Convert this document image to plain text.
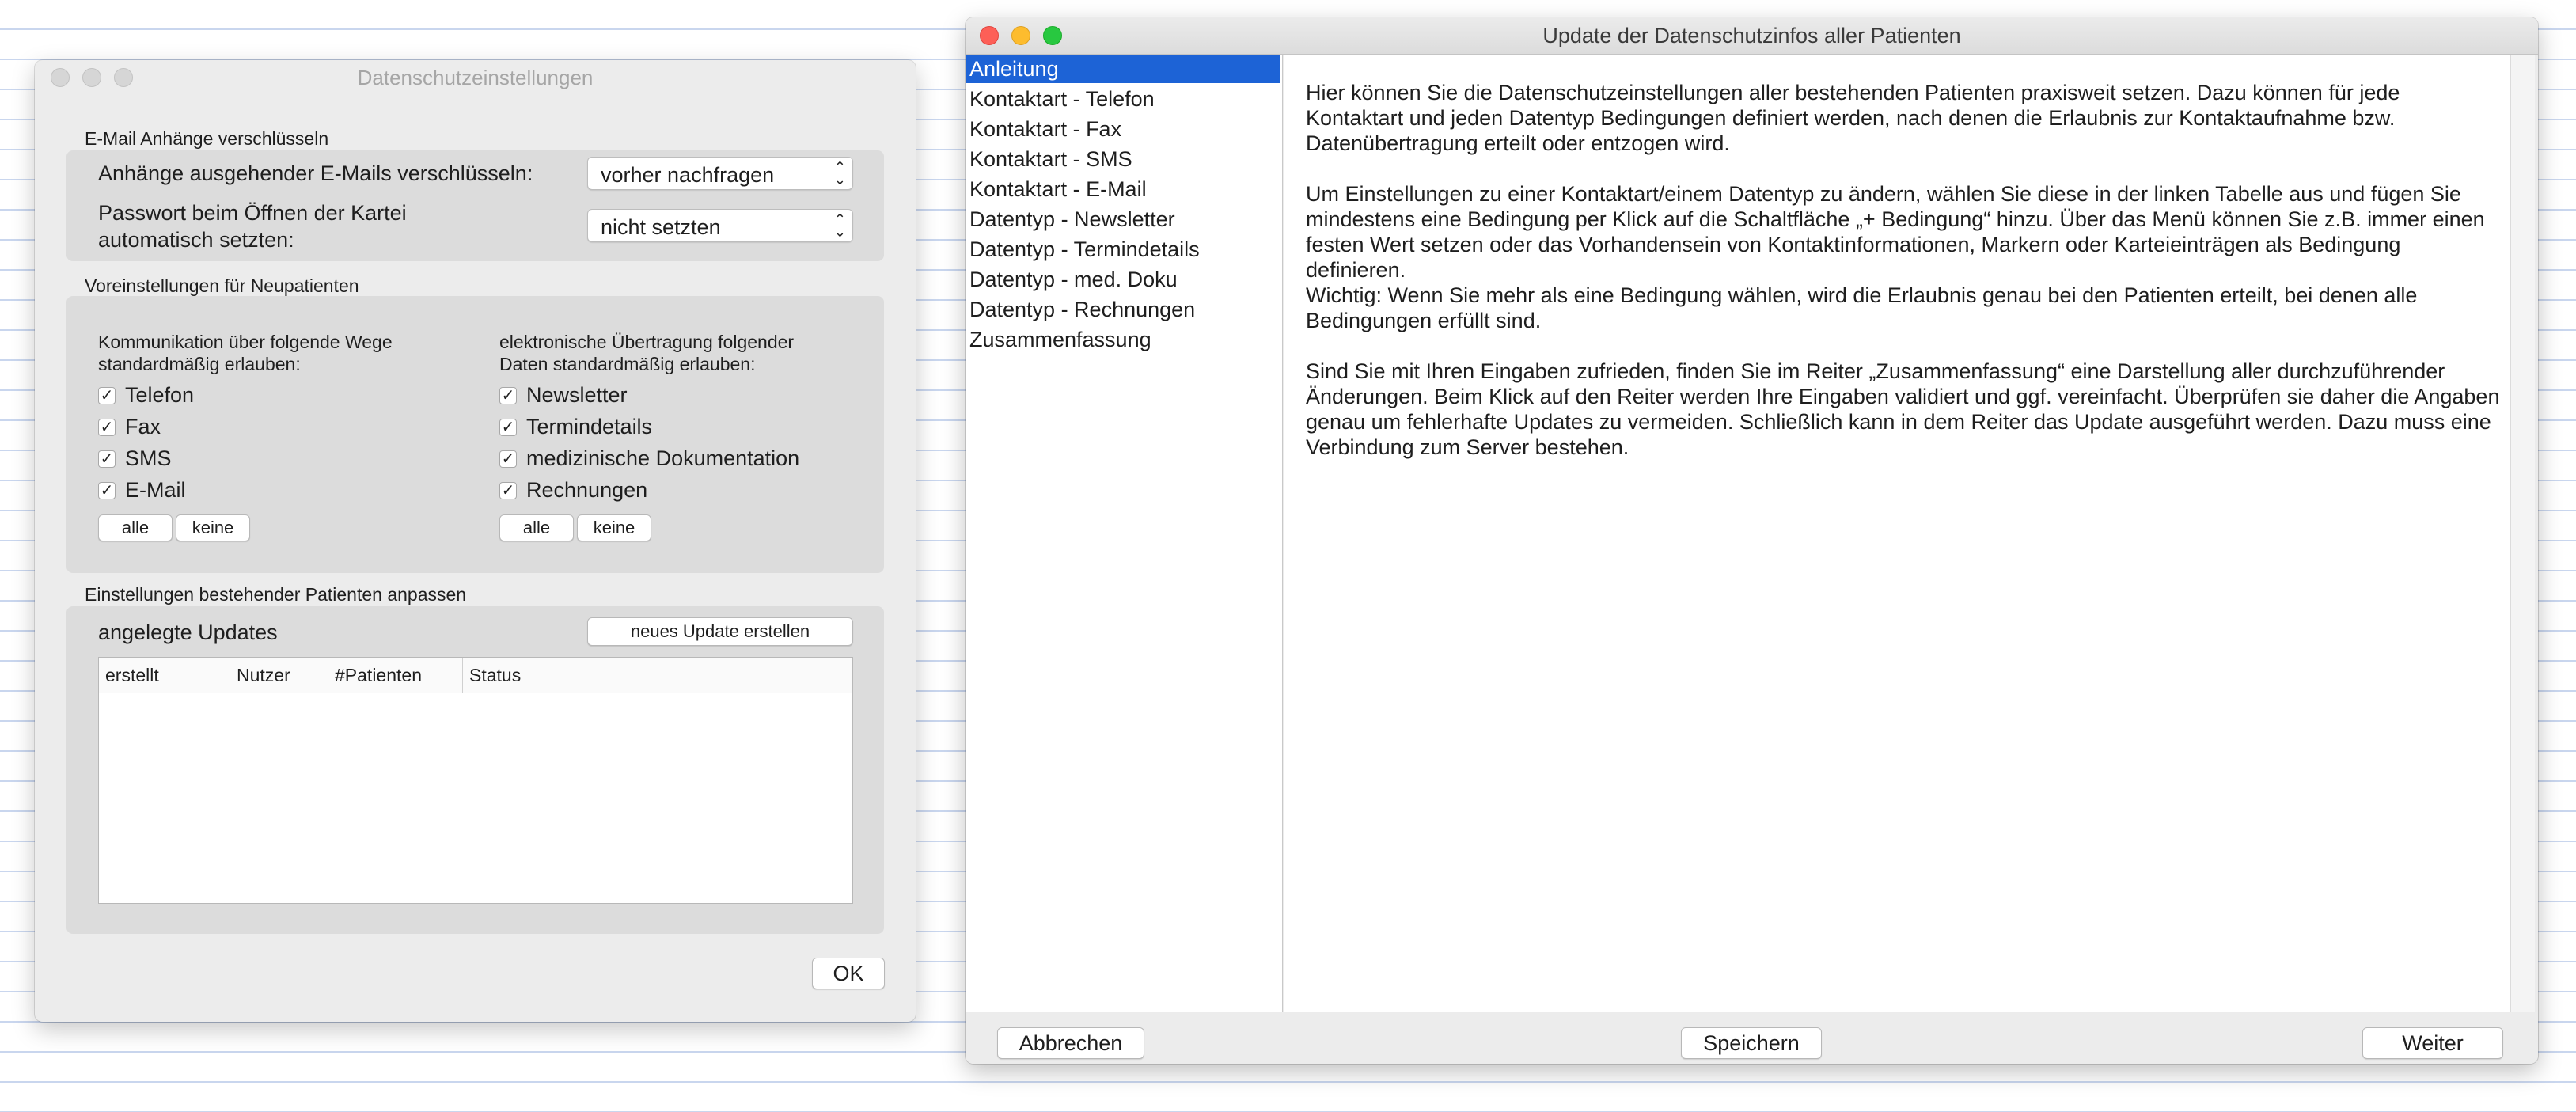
Datenschutzeinstellungen
E-Mail Anhänge verschlüsseln
Anhänge ausgehender E-Mails verschlüsseln:	vorher nachfragen	⌃
⌄
Passwort beim Öffnen der Kartei
automatisch setzten:
nicht setzten	⌃
⌄
Voreinstellungen für Neupatienten
Kommunikation über folgende Wege
standardmäßig erlauben:
✓ Telefon
✓ Fax
✓ SMS
✓ E-Mail
alle	keine
elektronische Übertragung folgender
Daten standardmäßig erlauben:
✓ Newsletter
✓ Termindetails
✓ medizinische Dokumentation
✓ Rechnungen
alle	keine
Einstellungen bestehender Patienten anpassen
angelegte Updates	neues Update erstellen
erstellt	Nutzer	#Patienten	Status
OK
Update der Datenschutzinfos aller Patienten
Anleitung
Kontaktart - Telefon
Kontaktart - Fax
Kontaktart - SMS
Kontaktart - E-Mail
Datentyp - Newsletter
Datentyp - Termindetails
Datentyp - med. Doku
Datentyp - Rechnungen
Zusammenfassung
Hier können Sie die Datenschutzeinstellungen aller bestehenden Patienten praxisweit setzen. Dazu können für jede Kontaktart und jeden Datentyp Bedingungen definiert werden, nach denen die Erlaubnis zur Kontaktaufnahme bzw. Datenübertragung erteilt oder entzogen wird.
Um Einstellungen zu einer Kontaktart/einem Datentyp zu ändern, wählen Sie diese in der linken Tabelle aus und fügen Sie mindestens eine Bedingung per Klick auf die Schaltfläche „+ Bedingung“ hinzu. Über das Menü können Sie z.B. immer einen festen Wert setzen oder das Vorhandensein von Kontaktinformationen, Markern oder Karteieinträgen als Bedingung definieren.
Wichtig: Wenn Sie mehr als eine Bedingung wählen, wird die Erlaubnis genau bei den Patienten erteilt, bei denen alle Bedingungen erfüllt sind.
Sind Sie mit Ihren Eingaben zufrieden, finden Sie im Reiter „Zusammenfassung“ eine Darstellung aller durchzuführender Änderungen. Beim Klick auf den Reiter werden Ihre Eingaben validiert und ggf. vereinfacht. Überprüfen sie daher die Angaben genau um fehlerhafte Updates zu vermeiden. Schließlich kann in dem Reiter das Update ausgeführt werden. Dazu muss eine Verbindung zum Server bestehen.
Abbrechen	Speichern	Weiter
